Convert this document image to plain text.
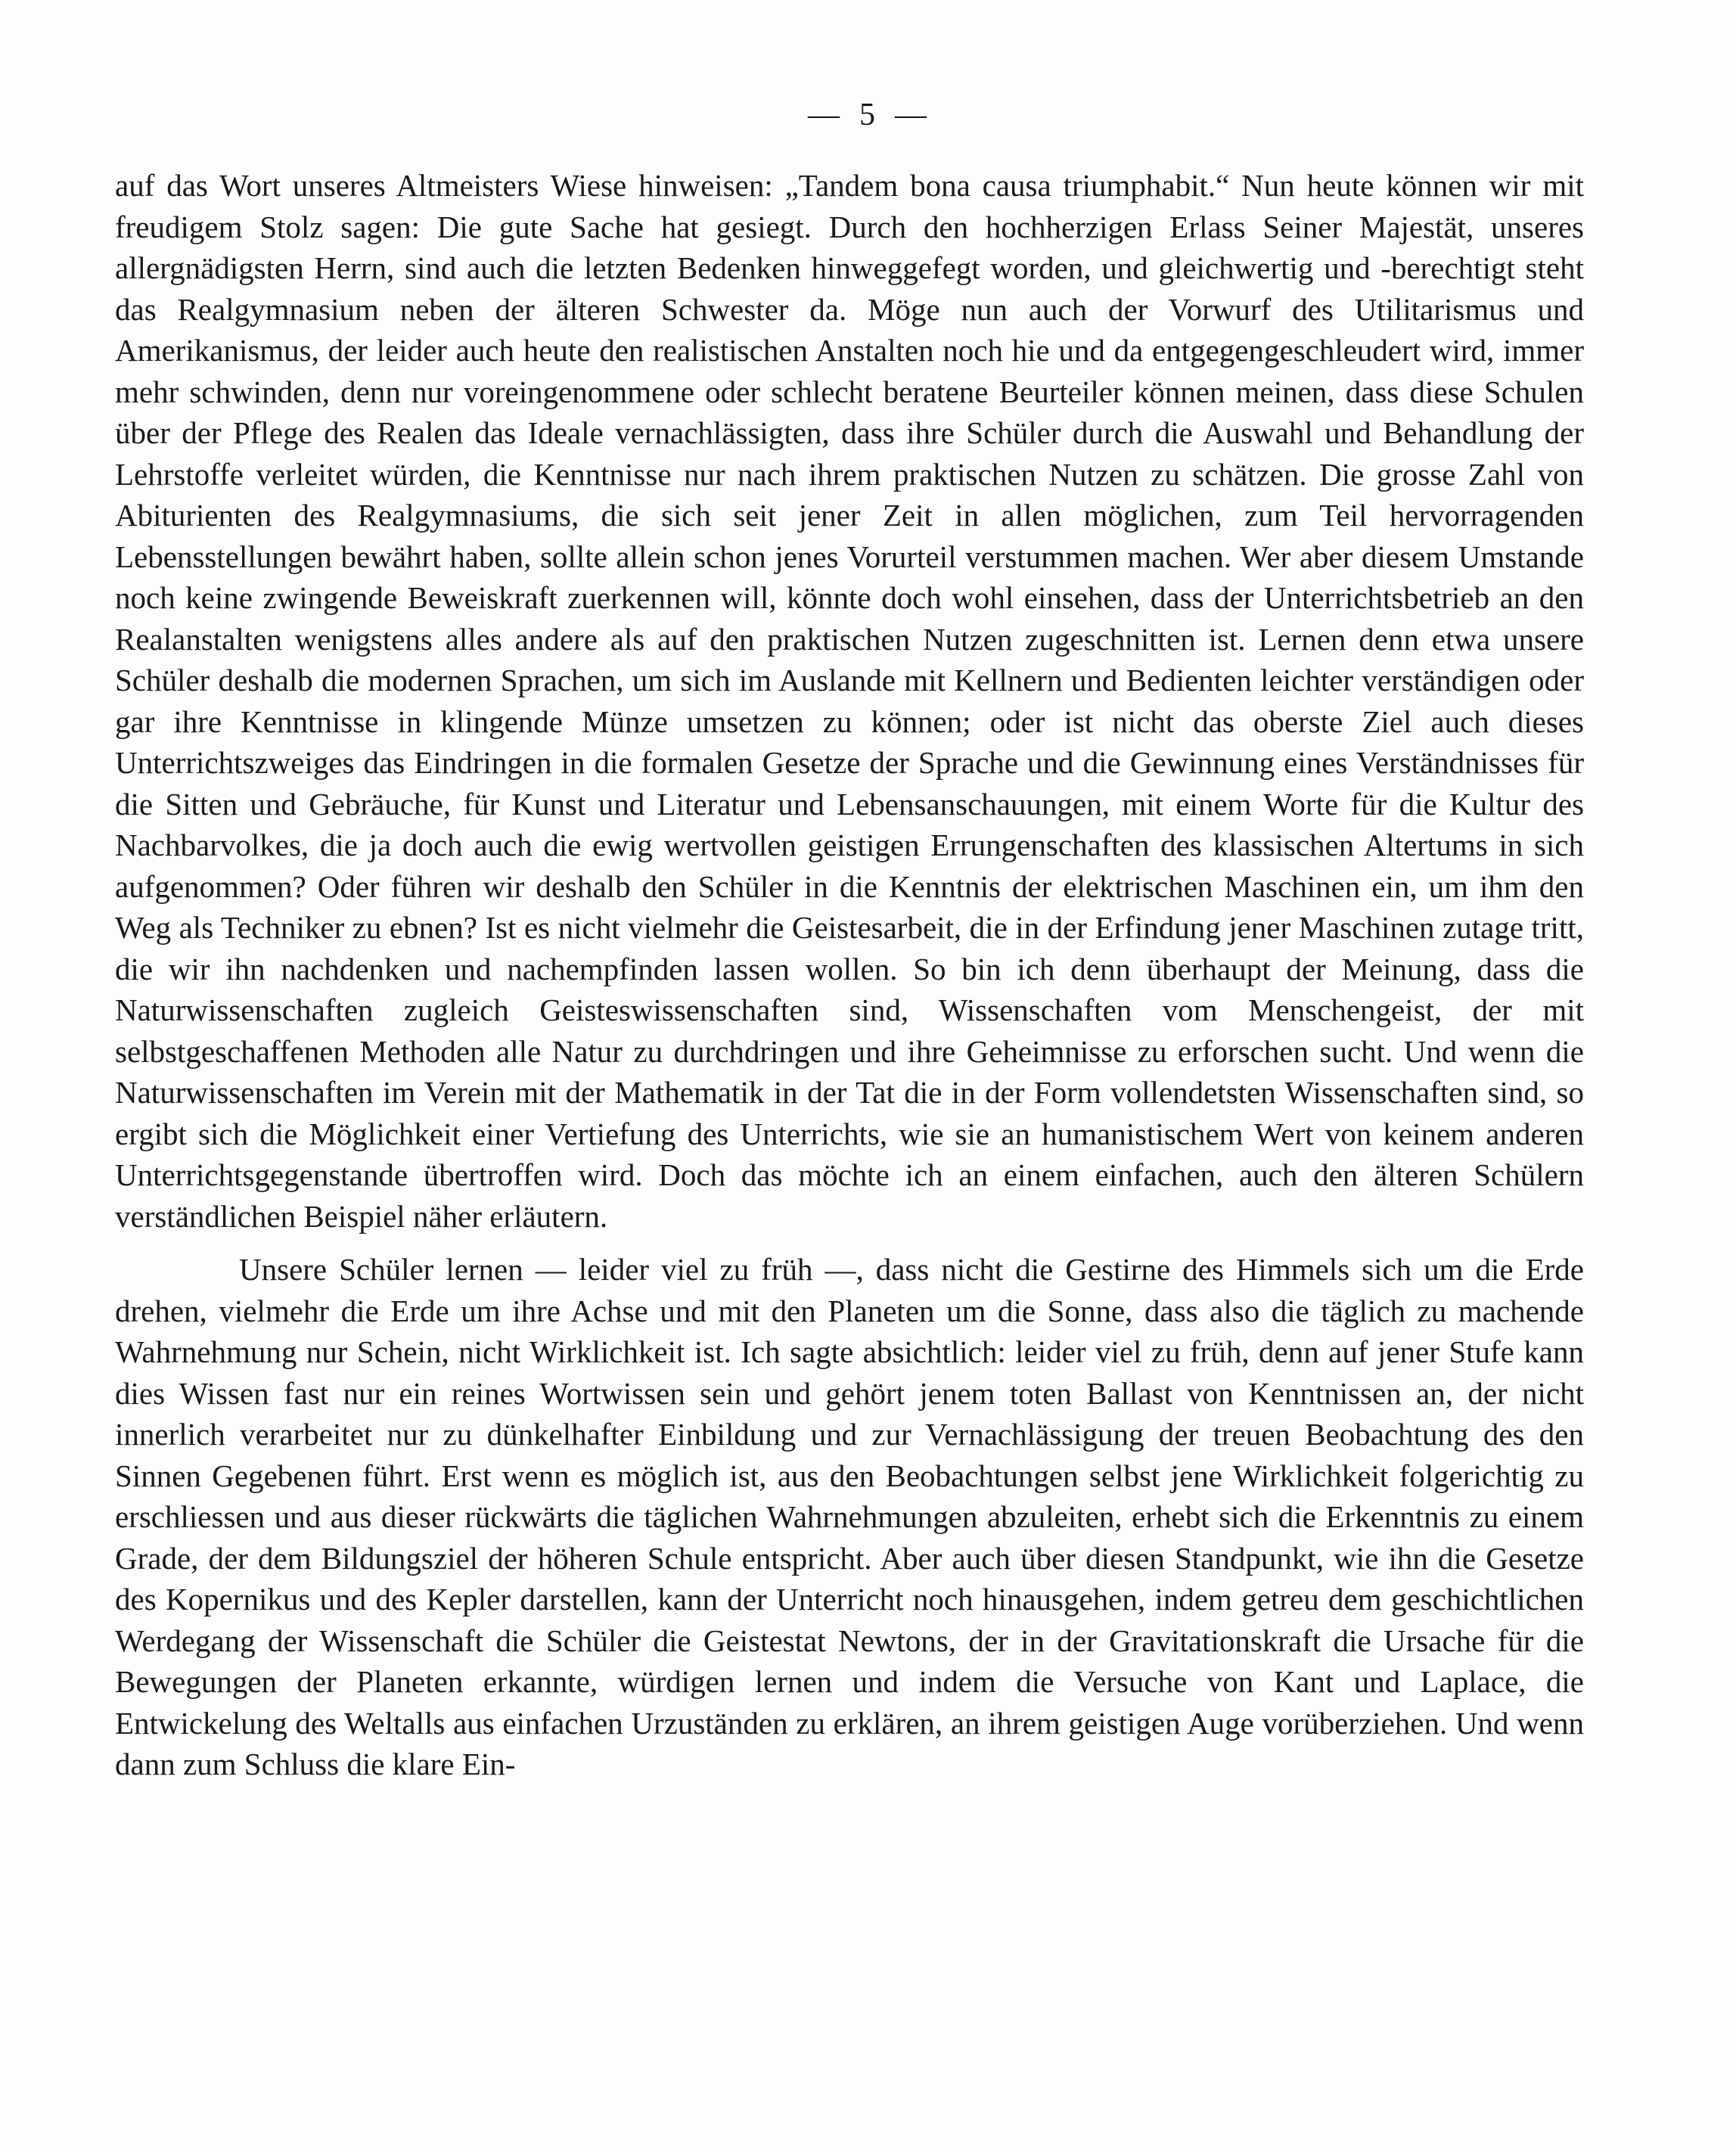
— 5 —

auf das Wort unseres Altmeisters Wiese hinweisen: „Tandem bona causa triumphabit.“ Nun heute können wir mit freudigem Stolz sagen: Die gute Sache hat gesiegt. Durch den hochherzigen Erlass Seiner Majestät, unseres allergnädigsten Herrn, sind auch die letzten Bedenken hinweggefegt worden, und gleichwertig und -berechtigt steht das Realgymnasium neben der älteren Schwester da. Möge nun auch der Vorwurf des Utilitarismus und Amerikanismus, der leider auch heute den realistischen Anstalten noch hie und da entgegengeschleudert wird, immer mehr schwinden, denn nur voreingenommene oder schlecht beratene Beurteiler können meinen, dass diese Schulen über der Pflege des Realen das Ideale vernachlässigten, dass ihre Schüler durch die Auswahl und Behandlung der Lehrstoffe verleitet würden, die Kenntnisse nur nach ihrem praktischen Nutzen zu schätzen. Die grosse Zahl von Abiturienten des Realgymnasiums, die sich seit jener Zeit in allen möglichen, zum Teil hervorragenden Lebensstellungen bewährt haben, sollte allein schon jenes Vorurteil verstummen machen. Wer aber diesem Umstande noch keine zwingende Beweiskraft zuerkennen will, könnte doch wohl einsehen, dass der Unterrichtsbetrieb an den Realanstalten wenigstens alles andere als auf den praktischen Nutzen zugeschnitten ist. Lernen denn etwa unsere Schüler deshalb die modernen Sprachen, um sich im Auslande mit Kellnern und Bedienten leichter verständigen oder gar ihre Kenntnisse in klingende Münze umsetzen zu können; oder ist nicht das oberste Ziel auch dieses Unterrichtszweiges das Eindringen in die formalen Gesetze der Sprache und die Gewinnung eines Verständnisses für die Sitten und Gebräuche, für Kunst und Literatur und Lebensanschauungen, mit einem Worte für die Kultur des Nachbarvolkes, die ja doch auch die ewig wertvollen geistigen Errungenschaften des klassischen Altertums in sich aufgenommen? Oder führen wir deshalb den Schüler in die Kenntnis der elektrischen Maschinen ein, um ihm den Weg als Techniker zu ebnen? Ist es nicht vielmehr die Geistesarbeit, die in der Erfindung jener Maschinen zutage tritt, die wir ihn nachdenken und nachempfinden lassen wollen. So bin ich denn überhaupt der Meinung, dass die Naturwissenschaften zugleich Geisteswissenschaften sind, Wissenschaften vom Menschengeist, der mit selbstgeschaffenen Methoden alle Natur zu durchdringen und ihre Geheimnisse zu erforschen sucht. Und wenn die Naturwissenschaften im Verein mit der Mathematik in der Tat die in der Form vollendetsten Wissenschaften sind, so ergibt sich die Möglichkeit einer Vertiefung des Unterrichts, wie sie an humanistischem Wert von keinem anderen Unterrichtsgegenstande übertroffen wird. Doch das möchte ich an einem einfachen, auch den älteren Schülern verständlichen Beispiel näher erläutern.

Unsere Schüler lernen — leider viel zu früh —, dass nicht die Gestirne des Himmels sich um die Erde drehen, vielmehr die Erde um ihre Achse und mit den Planeten um die Sonne, dass also die täglich zu machende Wahrnehmung nur Schein, nicht Wirklichkeit ist. Ich sagte absichtlich: leider viel zu früh, denn auf jener Stufe kann dies Wissen fast nur ein reines Wortwissen sein und gehört jenem toten Ballast von Kenntnissen an, der nicht innerlich verarbeitet nur zu dünkelhafter Einbildung und zur Vernachlässigung der treuen Beobachtung des den Sinnen Gegebenen führt. Erst wenn es möglich ist, aus den Beobachtungen selbst jene Wirklichkeit folgerichtig zu erschliessen und aus dieser rückwärts die täglichen Wahrnehmungen abzuleiten, erhebt sich die Erkenntnis zu einem Grade, der dem Bildungsziel der höheren Schule entspricht. Aber auch über diesen Standpunkt, wie ihn die Gesetze des Kopernikus und des Kepler darstellen, kann der Unterricht noch hinausgehen, indem getreu dem geschichtlichen Werdegang der Wissenschaft die Schüler die Geistestat Newtons, der in der Gravitationskraft die Ursache für die Bewegungen der Planeten erkannte, würdigen lernen und indem die Versuche von Kant und Laplace, die Entwickelung des Weltalls aus einfachen Urzuständen zu erklären, an ihrem geistigen Auge vorüberziehen. Und wenn dann zum Schluss die klare Ein-
